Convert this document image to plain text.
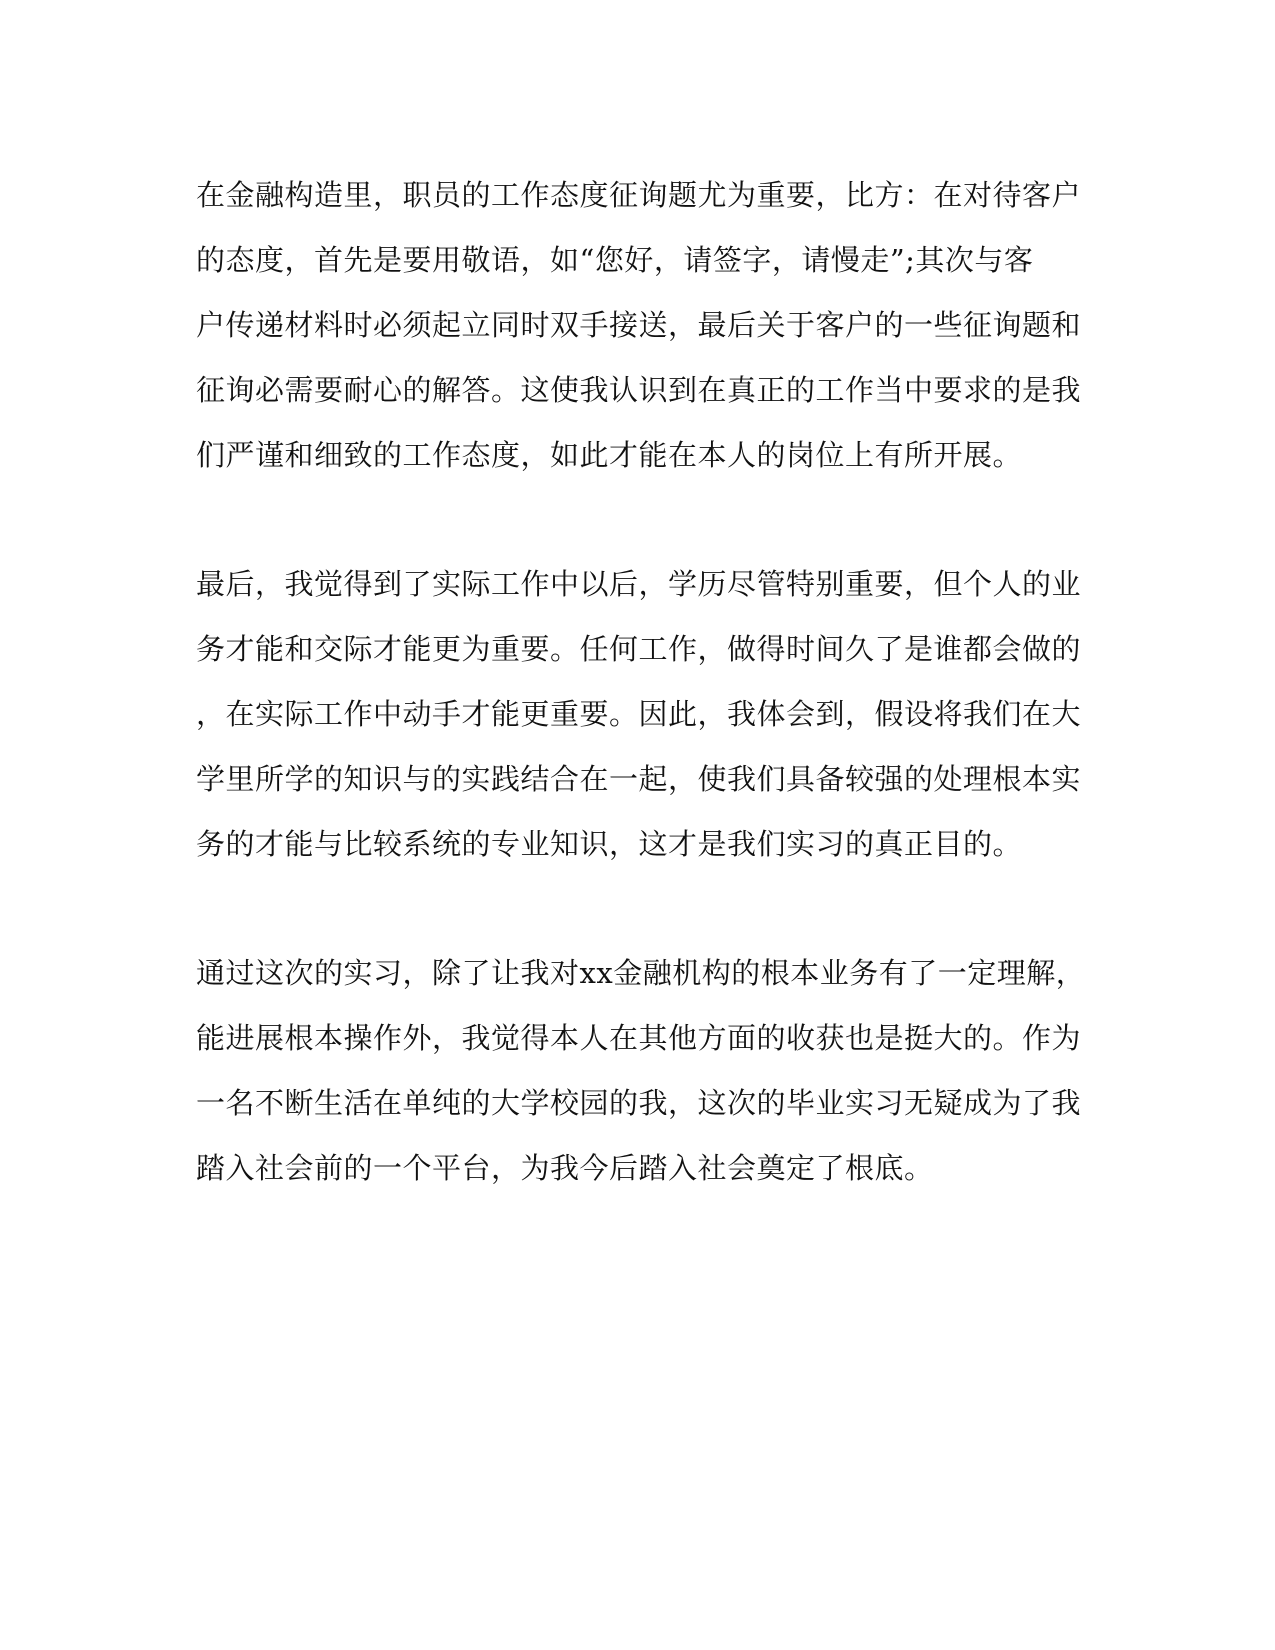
在金融构造里，职员的工作态度征询题尤为重要，比方：在对待客户
的态度，首先是要用敬语，如“您好，请签字，请慢走”;其次与客
户传递材料时必须起立同时双手接送，最后关于客户的一些征询题和
征询必需要耐心的解答。这使我认识到在真正的工作当中要求的是我
们严谨和细致的工作态度，如此才能在本人的岗位上有所开展。
最后，我觉得到了实际工作中以后，学历尽管特别重要，但个人的业
务才能和交际才能更为重要。任何工作，做得时间久了是谁都会做的
，在实际工作中动手才能更重要。因此，我体会到，假设将我们在大
学里所学的知识与的实践结合在一起，使我们具备较强的处理根本实
务的才能与比较系统的专业知识，这才是我们实习的真正目的。
通过这次的实习，除了让我对xx金融机构的根本业务有了一定理解，
能进展根本操作外，我觉得本人在其他方面的收获也是挺大的。作为
一名不断生活在单纯的大学校园的我，这次的毕业实习无疑成为了我
踏入社会前的一个平台，为我今后踏入社会奠定了根底。
